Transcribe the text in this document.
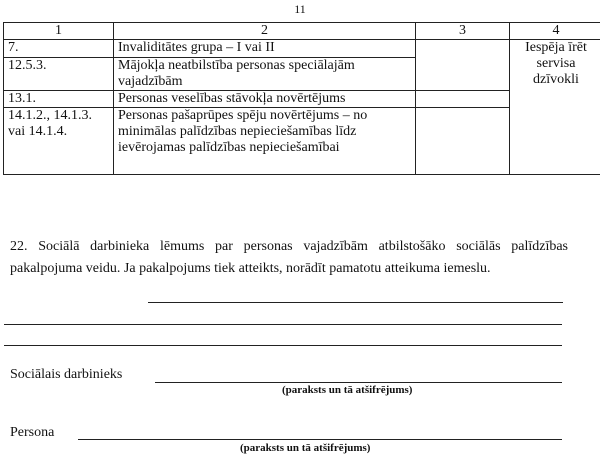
11
1	2	3	4
7.	Invaliditātes grupa – I vai II		Iespēja īrēt servisa dzīvokli

12.5.3.	Mājokļa neatbilstība personas speciālajām vajadzībām		
13.1.	Personas veselības stāvokļa novērtējums		
14.1.2., 14.1.3. vai 14.1.4.	Personas pašaprūpes spēju novērtējums – no minimālas palīdzības nepieciešamības līdz ievērojamas palīdzības nepieciešamībai		
22. Sociālā darbinieka lēmums par personas vajadzībām atbilstošāko sociālās palīdzības pakalpojuma veidu. Ja pakalpojums tiek atteikts, norādīt pamatotu atteikuma iemeslu.
Sociālais darbinieks
(paraksts un tā atšifrējums)
Persona
(paraksts un tā atšifrējums)
